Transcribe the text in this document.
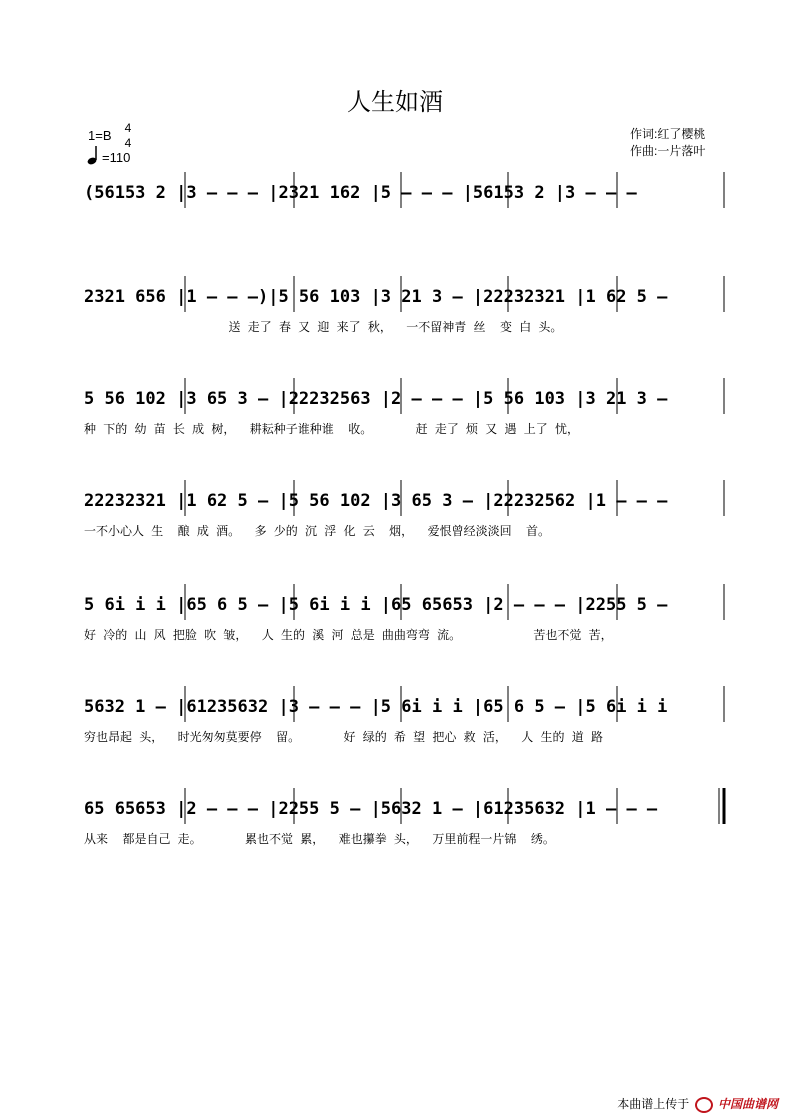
人生如酒
1=B	4
4
=110
作词:红了樱桃
作曲:一片落叶
(56153 2 |3 – – – |2321 162 |5 – – – |56153 2 |3 – – –
2321 656 |1 – – –)|5 56 103 |3 21 3 – |22232321 |1 62 5 –
送 走了 春 又 迎 来了 秋，  一不留神青 丝  变 白 头。
5 56 102 |3 65 3 – |22232563 |2 – – – |5 56 103 |3 21 3 –
种 下的 幼 苗 长 成 树，  耕耘种子谁种谁  收。      赶 走了 烦 又 遇 上了 忧，
22232321 |1 62 5 – |5 56 102 |3 65 3 – |22232562 |1 – – –
一不小心人 生  酿 成 酒。  多 少的 沉 浮 化 云  烟，  爱恨曾经淡淡回  首。
5 6i i i |65 6 5 – |5 6i i i |65 65653 |2 – – – |2255 5 –
好 冷的 山 风 把脸 吹 皱，  人 生的 溪 河 总是 曲曲弯弯 流。          苦也不觉 苦，
5632 1 – |61235632 |3 – – – |5 6i i i |65 6 5 – |5 6i i i
穷也昂起 头，  时光匆匆莫要停  留。      好 绿的 希 望 把心 救 活，  人 生的 道 路
65 65653 |2 – – – |2255 5 – |5632 1 – |61235632 |1 – – –
从来  都是自己 走。      累也不觉 累，  难也攥拳 头，  万里前程一片锦  绣。
本曲谱上传于 中国曲谱网
